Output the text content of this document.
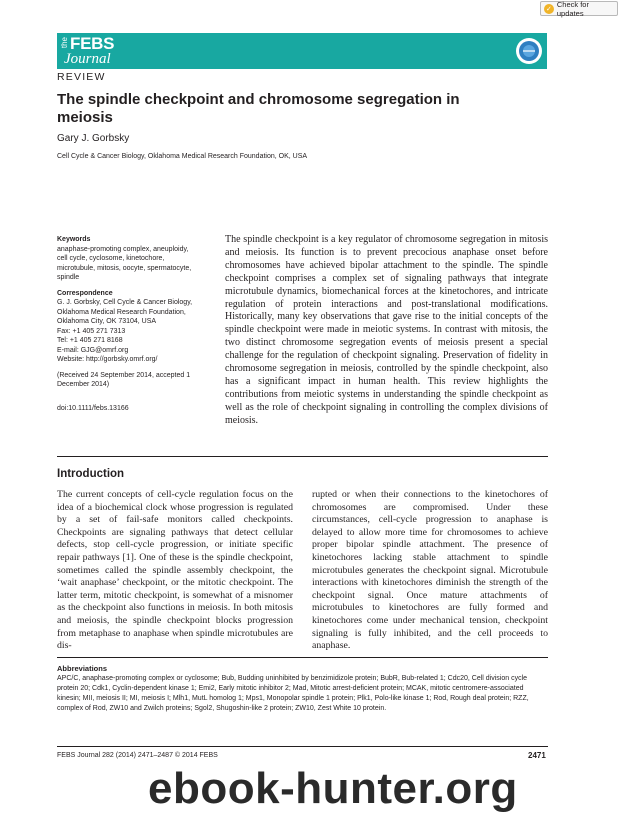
✓
Check for updates
the FEBS
Journal
REVIEW
The spindle checkpoint and chromosome segregation in meiosis
Gary J. Gorbsky
Cell Cycle & Cancer Biology, Oklahoma Medical Research Foundation, OK, USA
Keywords
anaphase-promoting complex, aneuploidy,
cell cycle, cyclosome, kinetochore,
microtubule, mitosis, oocyte, spermatocyte,
spindle
Correspondence
G. J. Gorbsky, Cell Cycle & Cancer Biology,
Oklahoma Medical Research Foundation,
Oklahoma City, OK 73104, USA
Fax: +1 405 271 7313
Tel: +1 405 271 8168
E-mail: GJG@omrf.org
Website: http://gorbsky.omrf.org/
(Received 24 September 2014, accepted 1
December 2014)
doi:10.1111/febs.13166

The spindle checkpoint is a key regulator of chromosome segregation in mitosis and meiosis. Its function is to prevent precocious anaphase onset before chromosomes have achieved bipolar attachment to the spindle. The spindle checkpoint comprises a complex set of signaling pathways that integrate microtubule dynamics, biomechanical forces at the kinetochores, and intricate regulation of protein interactions and post-translational modifications. Historically, many key observations that gave rise to the initial concepts of the spindle checkpoint were made in meiotic systems. In contrast with mitosis, the two distinct chromosome segregation events of meiosis present a special challenge for the regulation of checkpoint signaling. Preservation of fidelity in chromosome segregation in meiosis, controlled by the spindle checkpoint, also has a significant impact in human health. This review highlights the contributions from meiotic systems in understanding the spindle checkpoint as well as the role of checkpoint signaling in controlling the complex divisions of meiosis.

Introduction

The current concepts of cell-cycle regulation focus on the idea of a biochemical clock whose progression is regulated by a set of fail-safe monitors called checkpoints. Checkpoints are signaling pathways that detect cellular defects, stop cell-cycle progression, or initiate specific repair pathways [1]. One of these is the spindle checkpoint, sometimes called the spindle assembly checkpoint, the ‘wait anaphase’ checkpoint, or the mitotic checkpoint. The latter term, mitotic checkpoint, is somewhat of a misnomer as the checkpoint also functions in meiosis. In both mitosis and meiosis, the spindle checkpoint blocks progression from metaphase to anaphase when spindle microtubules are dis-

rupted or when their connections to the kinetochores of chromosomes are compromised. Under these circumstances, cell-cycle progression to anaphase is delayed to allow more time for chromosomes to achieve proper bipolar spindle attachment. The presence of kinetochores lacking stable attachment to spindle microtubules generates the checkpoint signal. Microtubule interactions with kinetochores diminish the strength of the checkpoint signal. Once mature attachments of microtubules to kinetochores are fully formed and kinetochores come under mechanical tension, checkpoint signaling is fully inhibited, and the cell proceeds to anaphase.

Abbreviations

APC/C, anaphase-promoting complex or cyclosome; Bub, Budding uninhibited by benzimidizole protein; BubR, Bub-related 1; Cdc20, Cell division cycle protein 20; Cdk1, Cyclin-dependent kinase 1; Emi2, Early mitotic inhibitor 2; Mad, Mitotic arrest-deficient protein; MCAK, mitotic centromere-associated kinesin; MII, meiosis II; MI, meiosis I; Mlh1, MutL homolog 1; Mps1, Monopolar spindle 1 protein; Plk1, Polo-like kinase 1; Rod, Rough deal protein; RZZ, complex of Rod, ZW10 and Zwilch proteins; Sgol2, Shugoshin-like 2 protein; ZW10, Zest White 10 protein.

FEBS Journal 282 (2014) 2471–2487 © 2014 FEBS	2471
ebook-hunter.org
